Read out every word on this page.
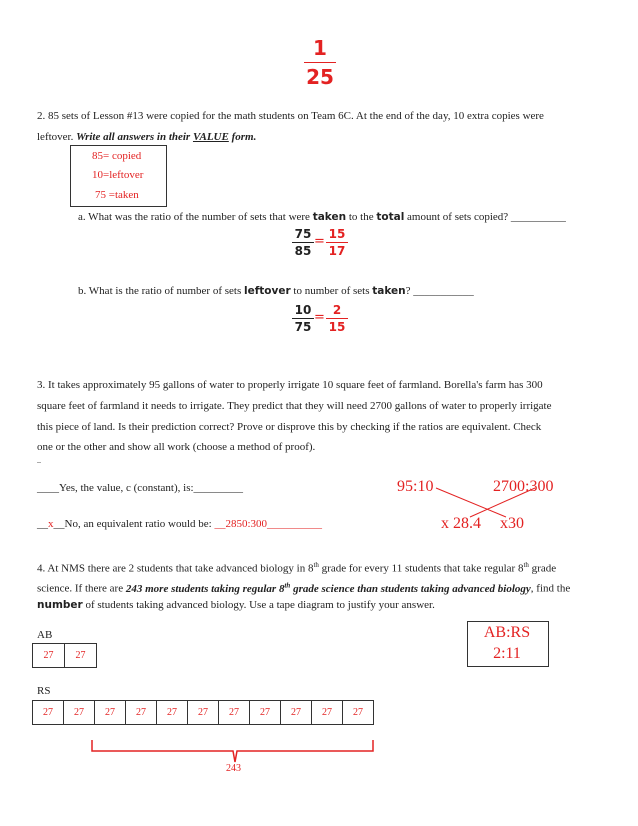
1
25
2. 85 sets of Lesson #13 were copied for the math students on Team 6C. At the end of the day, 10 extra copies were
leftover. Write all answers in their VALUE form.
85= copied
10=leftover
75 =taken
a. What was the ratio of the number of sets that were taken to the total amount of sets copied? __________
75
85
= 15
17
b. What is the ratio of number of sets leftover to number of sets taken? ___________
10
75
= 2
15
3. It takes approximately 95 gallons of water to properly irrigate 10 square feet of farmland. Borella's farm has 300
square feet of farmland it needs to irrigate. They predict that they will need 2700 gallons of water to properly irrigate
this piece of land. Is their prediction correct? Prove or disprove this by checking if the ratios are equivalent. Check
one or the other and show all work (choose a method of proof).
..
____Yes, the value, c (constant), is:_________
__x__No, an equivalent ratio would be: __2850:300__________
95:10	2700:300
x 28.4 x30
4. At NMS there are 2 students that take advanced biology in 8th grade for every 11 students that take regular 8th grade
science. If there are 243 more students taking regular 8th grade science than students taking advanced biology, find the
number of students taking advanced biology. Use a tape diagram to justify your answer.
AB
27	27
RS
27	27	27	27	27	27	27	27	27	27	27
243
AB:RS
2:11
